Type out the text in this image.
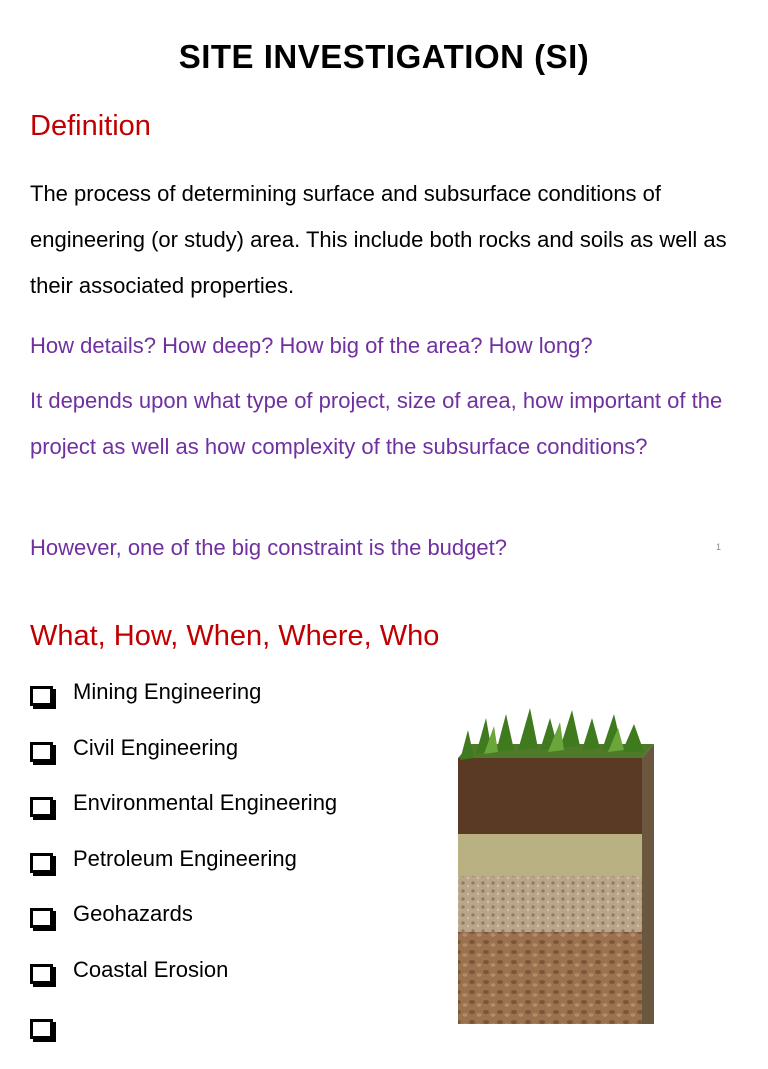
SITE INVESTIGATION (SI)
Definition
The process of determining surface and subsurface conditions of engineering (or study) area. This include both rocks and soils as well as their associated properties.
How details? How deep? How big of the area? How long?
It depends upon what type of project, size of area, how important of the project as well as how complexity of the subsurface conditions?
However, one of the big constraint is the budget?	1
What, How, When, Where, Who
Mining Engineering
Civil Engineering
Environmental Engineering
Petroleum Engineering
Geohazards
Coastal Erosion
